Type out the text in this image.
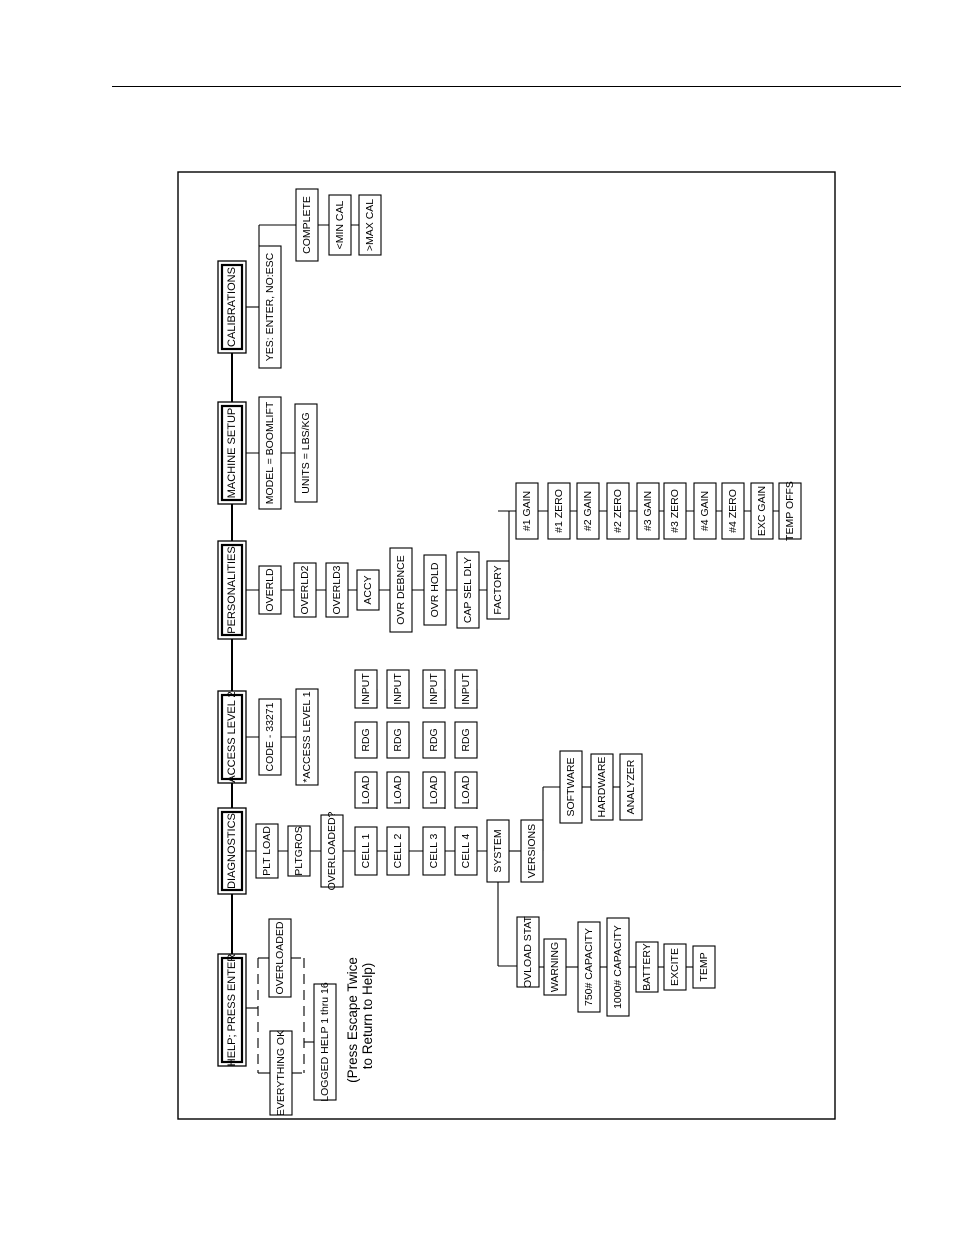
HELP; PRESS ENTER
DIAGNOSTICS
ACCESS LEVEL 2
PERSONALITIES
MACHINE SETUP
CALIBRATIONS
EVERYTHING OK
OVERLOADED
LOGGED HELP 1 thru 16
PLT LOAD PLTGROS OVERLOADED? CELL 1 CELL 2 CELL 3 CELL 4
LOAD LOAD LOAD LOAD
RDG RDG RDG RDG
INPUT INPUT INPUT INPUT
SYSTEM VERSIONS
SOFTWARE HARDWARE ANALYZER
OVLOAD STAT WARNING 750# CAPACITY 1000# CAPACITY BATTERY EXCITE TEMP
CODE - 33271 *ACCESS LEVEL 1
OVERLD OVERLD2 OVERLD3 ACCY OVR DEBNCE OVR HOLD CAP SEL DLY FACTORY
#1 GAIN #1 ZERO #2 GAIN #2 ZERO #3 GAIN #3 ZERO #4 GAIN #4 ZERO EXC GAIN TEMP OFFS
MODEL = BOOMLIFT UNITS = LBS/KG
YES: ENTER, NO:ESC
COMPLETE <MIN CAL >MAX CAL
(Press Escape Twice to Return to Help)
